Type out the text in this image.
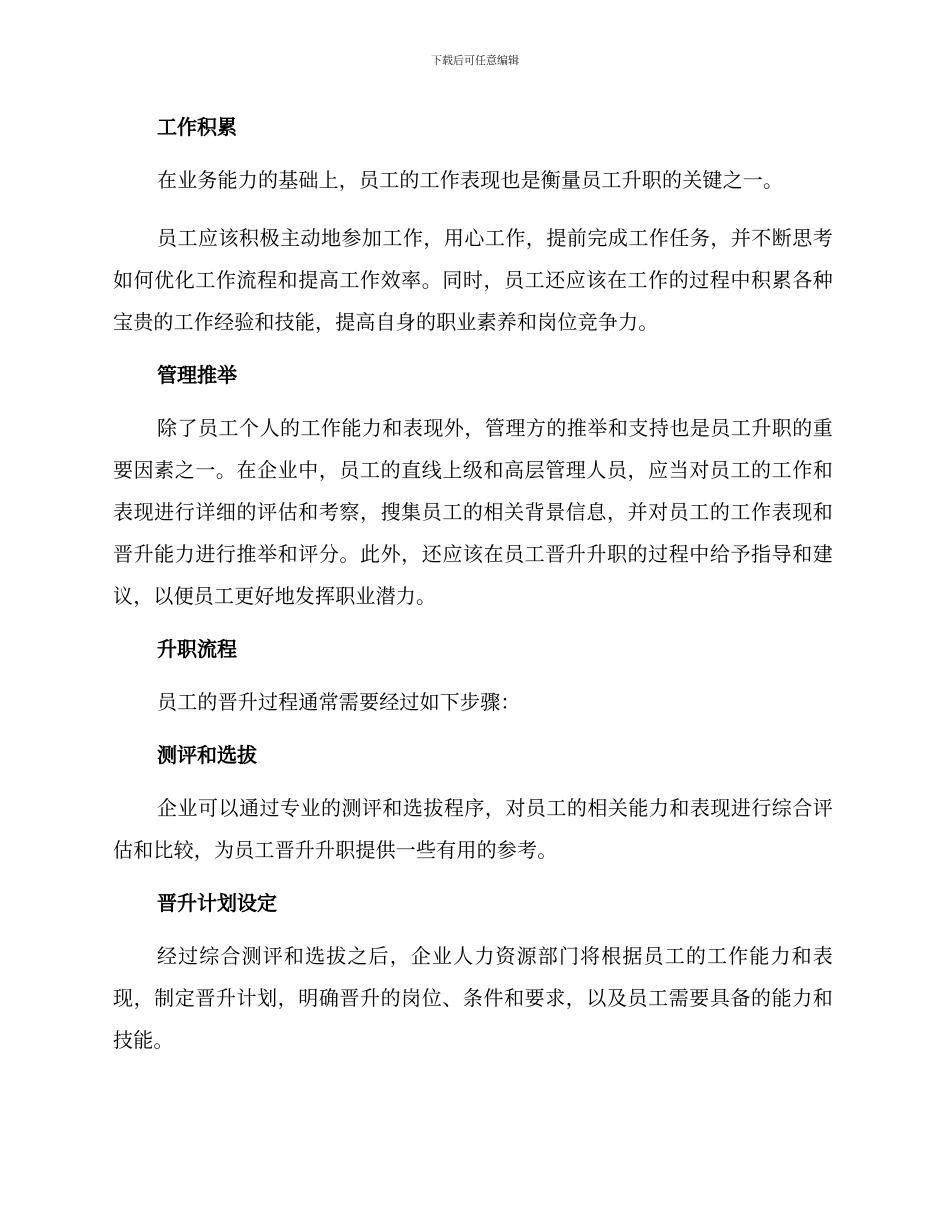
下载后可任意编辑
工作积累

在业务能力的基础上，员工的工作表现也是衡量员工升职的关键之一。

员工应该积极主动地参加工作，用心工作，提前完成工作任务，并不断思考如何优化工作流程和提高工作效率。同时，员工还应该在工作的过程中积累各种宝贵的工作经验和技能，提高自身的职业素养和岗位竞争力。

管理推举

除了员工个人的工作能力和表现外，管理方的推举和支持也是员工升职的重要因素之一。在企业中，员工的直线上级和高层管理人员，应当对员工的工作和表现进行详细的评估和考察，搜集员工的相关背景信息，并对员工的工作表现和晋升能力进行推举和评分。此外，还应该在员工晋升升职的过程中给予指导和建议，以便员工更好地发挥职业潜力。

升职流程

员工的晋升过程通常需要经过如下步骤：

测评和选拔

企业可以通过专业的测评和选拔程序，对员工的相关能力和表现进行综合评估和比较，为员工晋升升职提供一些有用的参考。

晋升计划设定

经过综合测评和选拔之后，企业人力资源部门将根据员工的工作能力和表现，制定晋升计划，明确晋升的岗位、条件和要求，以及员工需要具备的能力和技能。
